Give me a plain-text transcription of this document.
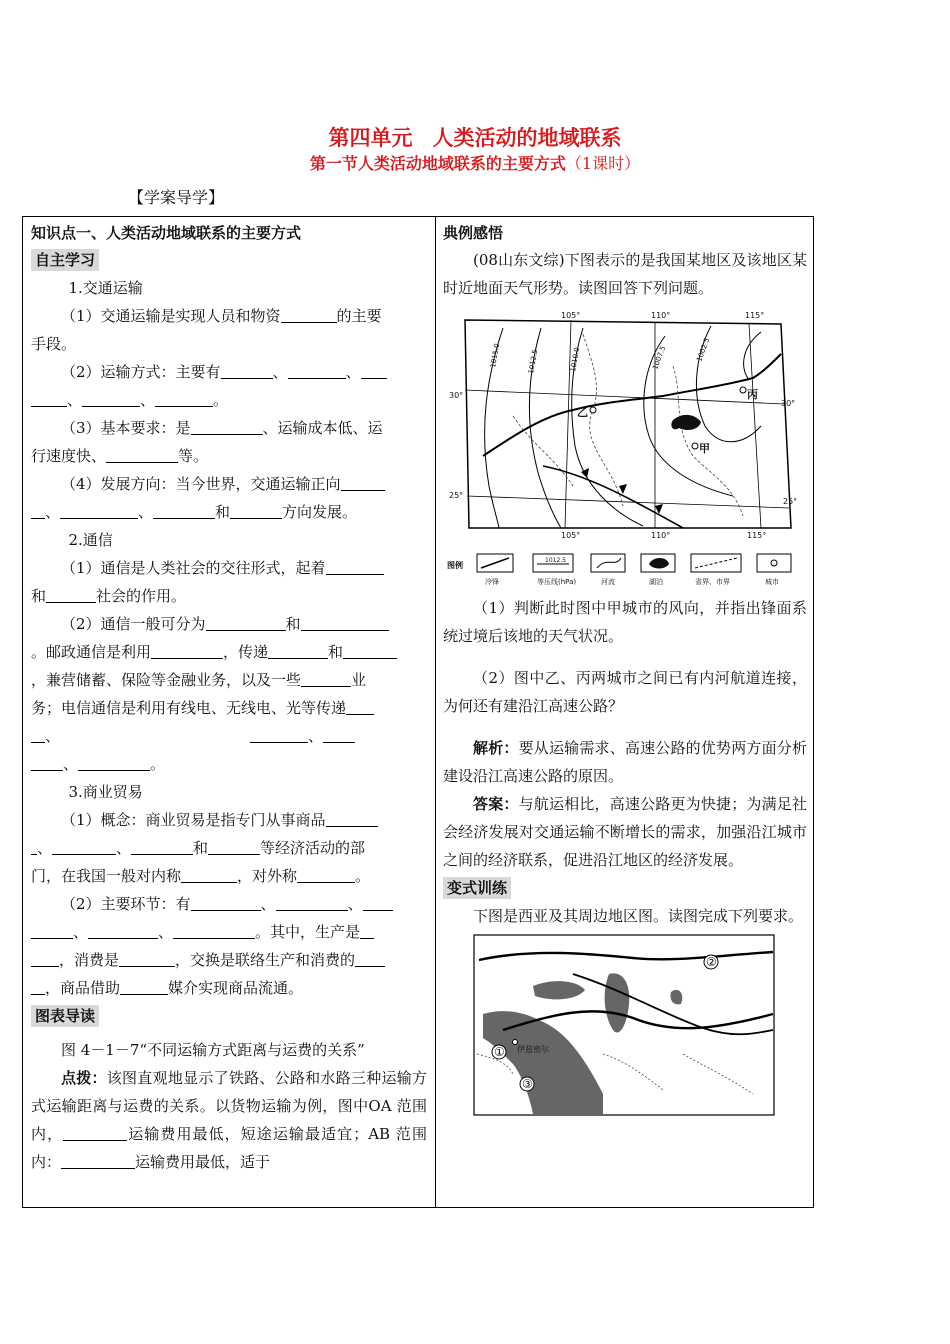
第四单元 人类活动的地域联系
第一节人类活动地域联系的主要方式（1课时）
【学案导学】
知识点一、人类活动地域联系的主要方式
自主学习

1.交通运输

（1）交通运输是实现人员和物资	的主要

手段。

（2）运输方式：主要有	、	、

、	、	。

（3）基本要求：是	、运输成本低、运

行速度快、	等。

（4）发展方向：当今世界，交通运输正向

、	、	和	方向发展。

2.通信

（1）通信是人类社会的交往形式，起着

和	社会的作用。

（2）通信一般可分为	和

。邮政通信是利用	，传递	和

，兼营储蓄、保险等金融业务，以及一些	业

务；电信通信是利用有线电、无线电、光等传递

、	、

、	。

3.商业贸易

（1）概念：商业贸易是指专门从事商品

、	、	和	等经济活动的部

门，在我国一般对内称	，对外称	。

（2）主要环节：有	、	、

、	、	。其中，生产是

，消费是	，交换是联络生产和消费的

，商品借助	媒介实现商品流通。

图表导读

图 4－1－7“不同运输方式距离与运费的关系”

点拨：该图直观地显示了铁路、公路和水路三种运输方式运输距离与运费的关系。以货物运输为例，图中OA 范围内，	运输费用最低，短途运输最适宜；AB 范围内：	运输费用最低，适于

典例感悟

(08山东文综)下图表示的是我国某地区及该地区某时近地面天气形势。读图回答下列问题。

105°	110°	115°
105°	110°	115°
30°
30°
25°
25°
1015.0	1012.5	1010.0	1007.5	1002.5
乙
丙
甲
图例
冷锋
1012.5
等压线(hPa)	河流	湖泊	省界、市界	城市

（1）判断此时图中甲城市的风向，并指出锋面系统过境后该地的天气状况。

（2）图中乙、丙两城市之间已有内河航道连接，为何还有建沿江高速公路？

解析：要从运输需求、高速公路的优势两方面分析建设沿江高速公路的原因。

答案：与航运相比，高速公路更为快捷；为满足社会经济发展对交通运输不断增长的需求，加强沿江城市之间的经济联系，促进沿江地区的经济发展。

变式训练

下图是西亚及其周边地区图。读图完成下列要求。

②
①
③
伊兹密尔
